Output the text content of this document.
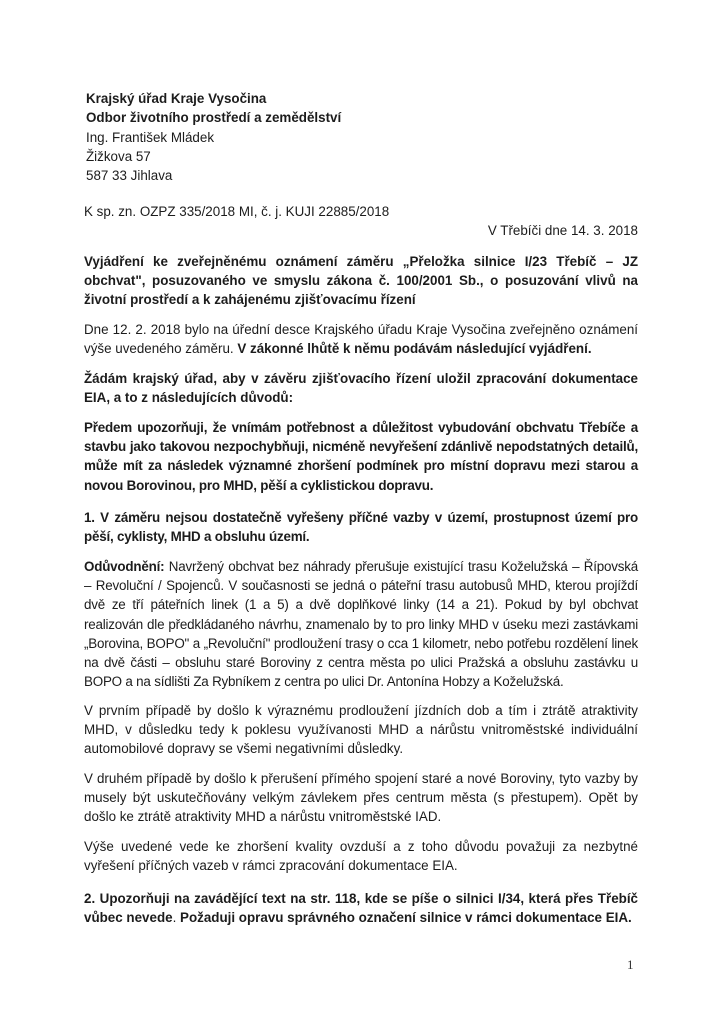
Krajský úřad Kraje Vysočina
Odbor životního prostředí a zemědělství
Ing. František Mládek
Žižkova 57
587 33 Jihlava
K sp. zn. OZPZ 335/2018 MI, č. j. KUJI 22885/2018
V Třebíči dne 14. 3. 2018
Vyjádření ke zveřejněnému oznámení záměru „Přeložka silnice I/23 Třebíč – JZ obchvat", posuzovaného ve smyslu zákona č. 100/2001 Sb., o posuzování vlivů na životní prostředí a k zahájenému zjišťovacímu řízení
Dne 12. 2. 2018 bylo na úřední desce Krajského úřadu Kraje Vysočina zveřejněno oznámení výše uvedeného záměru. V zákonné lhůtě k němu podávám následující vyjádření.
Žádám krajský úřad, aby v závěru zjišťovacího řízení uložil zpracování dokumentace EIA, a to z následujících důvodů:
Předem upozorňuji, že vnímám potřebnost a důležitost vybudování obchvatu Třebíče a stavbu jako takovou nezpochybňuji, nicméně nevyřešení zdánlivě nepodstatných detailů, může mít za následek významné zhoršení podmínek pro místní dopravu mezi starou a novou Borovinou, pro MHD, pěší a cyklistickou dopravu.
1. V záměru nejsou dostatečně vyřešeny příčné vazby v území, prostupnost území pro pěší, cyklisty, MHD a obsluhu území.
Odůvodnění: Navržený obchvat bez náhrady přerušuje existující trasu Koželužská – Řípovská – Revoluční / Spojenců. V současnosti se jedná o páteřní trasu autobusů MHD, kterou projíždí dvě ze tří páteřních linek (1 a 5) a dvě doplňkové linky (14 a 21). Pokud by byl obchvat realizován dle předkládaného návrhu, znamenalo by to pro linky MHD v úseku mezi zastávkami „Borovina, BOPO" a „Revoluční" prodloužení trasy o cca 1 kilometr, nebo potřebu rozdělení linek na dvě části – obsluhu staré Boroviny z centra města po ulici Pražská a obsluhu zastávku u BOPO a na sídlišti Za Rybníkem z centra po ulici Dr. Antonína Hobzy a Koželužská.
V prvním případě by došlo k výraznému prodloužení jízdních dob a tím i ztrátě atraktivity MHD, v důsledku tedy k poklesu využívanosti MHD a nárůstu vnitroměstské individuální automobilové dopravy se všemi negativními důsledky.
V druhém případě by došlo k přerušení přímého spojení staré a nové Boroviny, tyto vazby by musely být uskutečňovány velkým závlekem přes centrum města (s přestupem). Opět by došlo ke ztrátě atraktivity MHD a nárůstu vnitroměstské IAD.
Výše uvedené vede ke zhoršení kvality ovzduší a z toho důvodu považuji za nezbytné vyřešení příčných vazeb v rámci zpracování dokumentace EIA.
2. Upozorňuji na zavádějící text na str. 118, kde se píše o silnici I/34, která přes Třebíč vůbec nevede. Požaduji opravu správného označení silnice v rámci dokumentace EIA.
1
